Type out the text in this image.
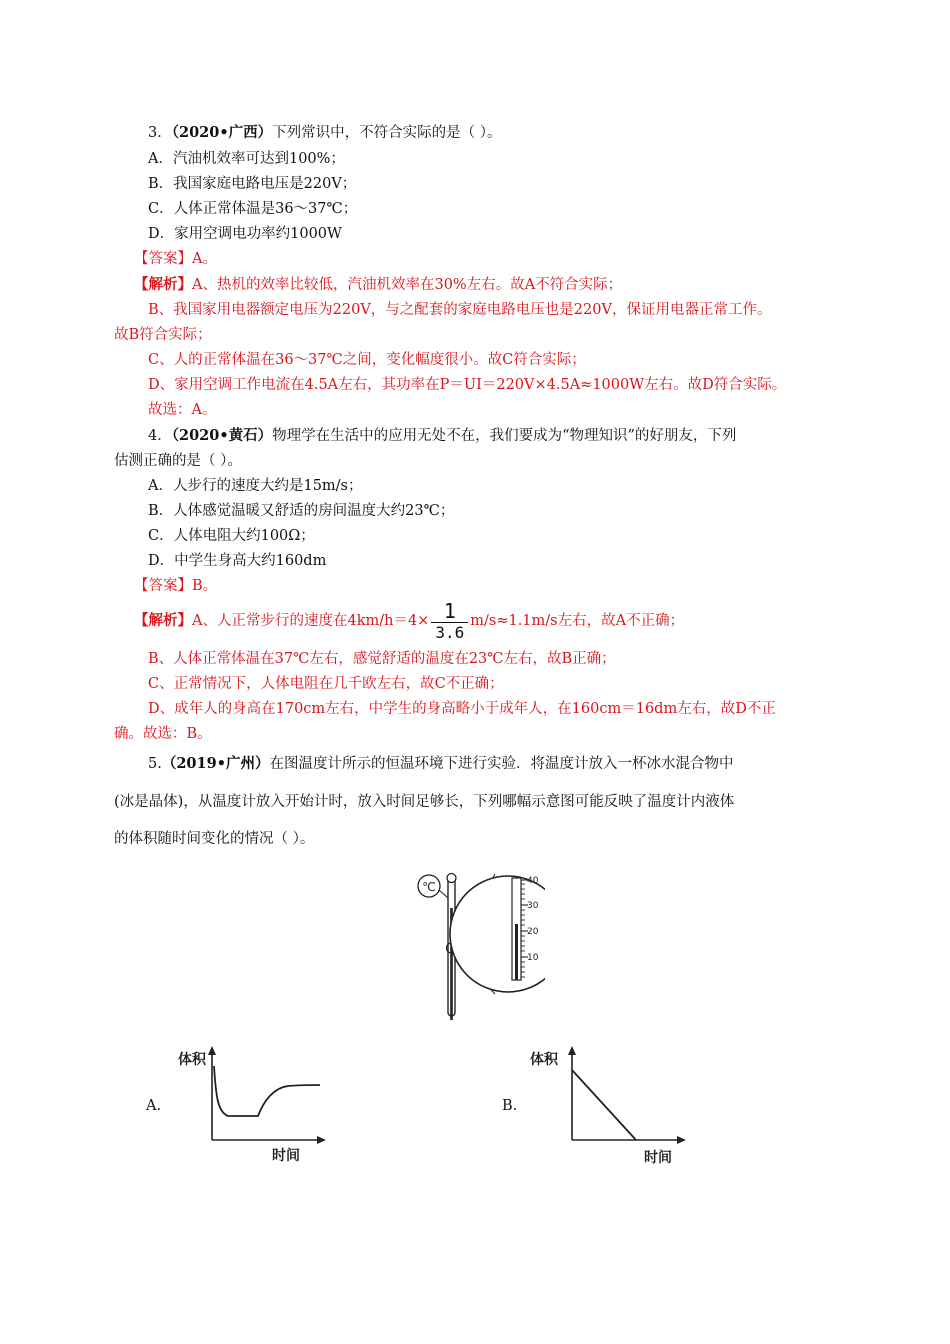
3．（2020•广西）下列常识中，不符合实际的是（ ）。
A．汽油机效率可达到100%；
B．我国家庭电路电压是220V；
C．人体正常体温是36～37℃；
D．家用空调电功率约1000W
【答案】A。
【解析】A、热机的效率比较低，汽油机效率在30%左右。故A不符合实际；
B、我国家用电器额定电压为220V，与之配套的家庭电路电压也是220V，保证用电器正常工作。
故B符合实际；
C、人的正常体温在36～37℃之间，变化幅度很小。故C符合实际；
D、家用空调工作电流在4.5A左右，其功率在P＝UI＝220V×4.5A≈1000W左右。故D符合实际。
故选：A。
4．（2020•黄石）物理学在生活中的应用无处不在，我们要成为“物理知识”的好朋友，下列
估测正确的是（ ）。
A．人步行的速度大约是15m/s；
B．人体感觉温暖又舒适的房间温度大约23℃；
C．人体电阻大约100Ω；
D．中学生身高大约160dm
【答案】B。
【解析】A、人正常步行的速度在$4km/h=4\times \frac{1}{3.6} m/s\approx 1.1m/s$左右，故A不正确；
B、人体正常体温在37℃左右，感觉舒适的温度在23℃左右，故B正确；
C、正常情况下，人体电阻在几千欧左右，故C不正确；
D、成年人的身高在170cm左右，中学生的身高略小于成年人，在160cm＝16dm左右，故D不正
确。故选：B。
5.（2019•广州）在图温度计所示的恒温环境下进行实验．将温度计放入一杯冰水混合物中
(冰是晶体)，从温度计放入开始计时，放入时间足够长，下列哪幅示意图可能反映了温度计内液体
的体积随时间变化的情况（ ）。
℃	40
30
20
10
A.
体积
时间
B.
体积
时间
